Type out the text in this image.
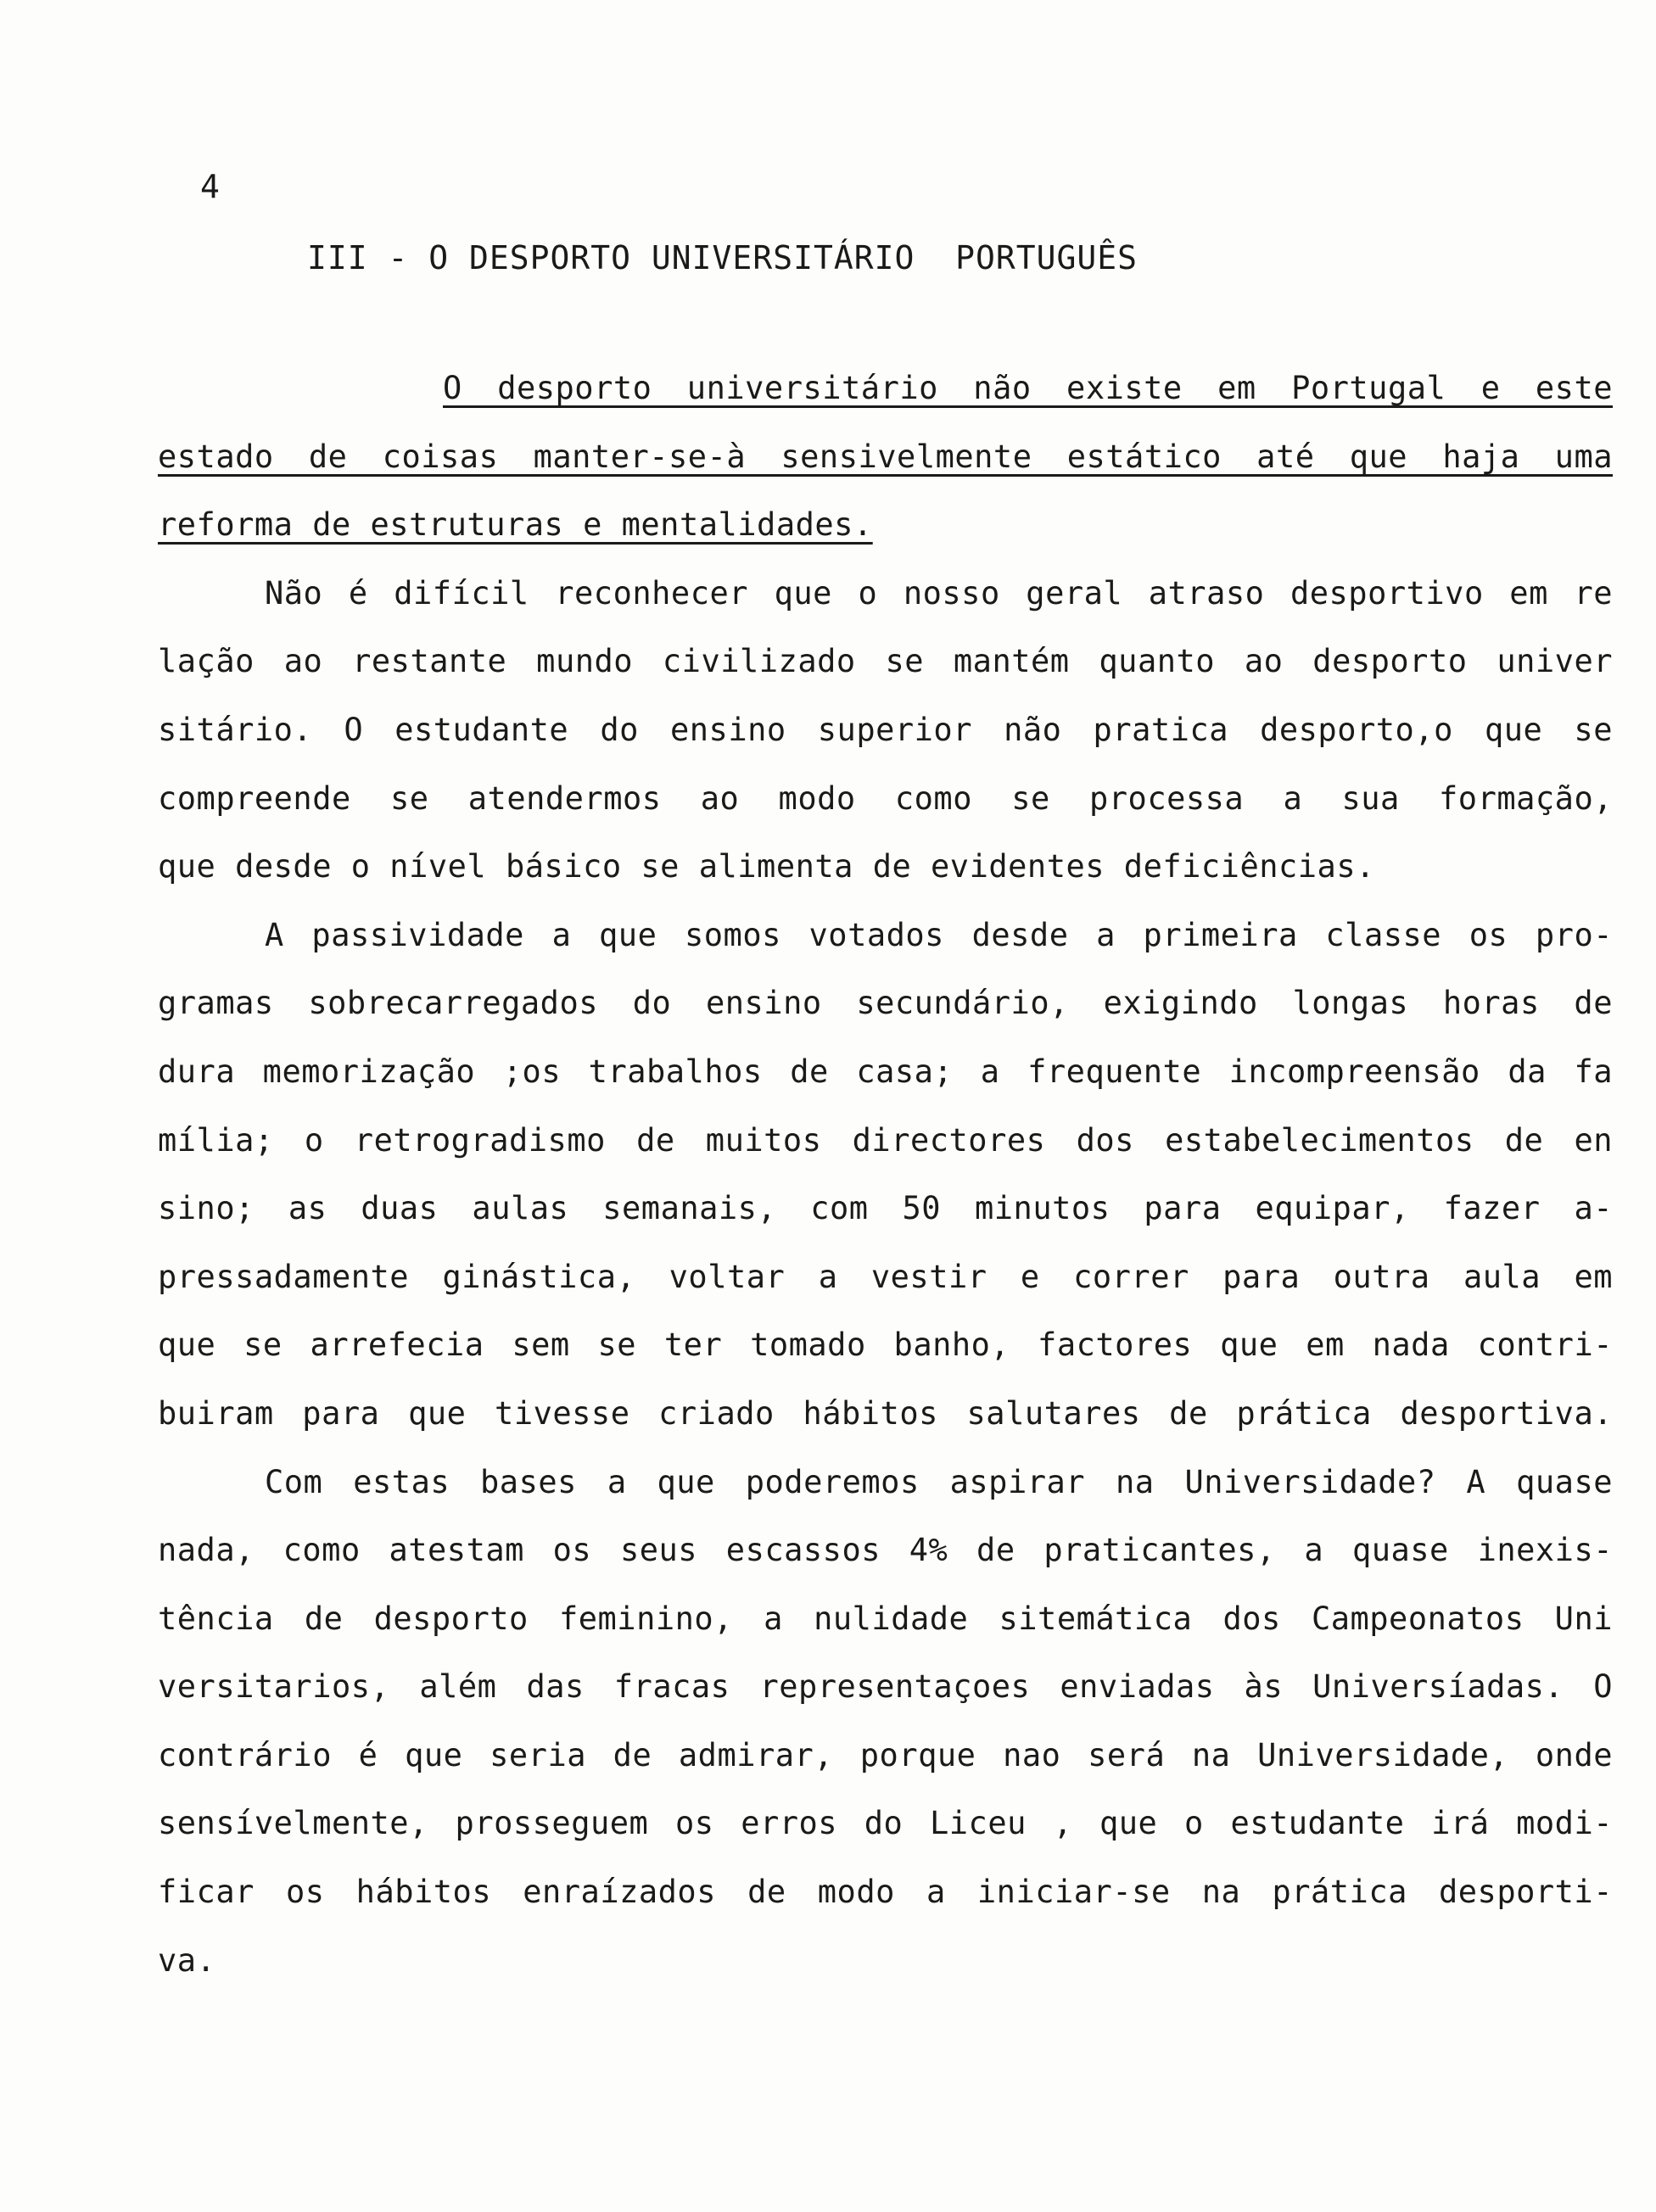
4
III - O DESPORTO UNIVERSITÁRIO  PORTUGUÊS
O desporto universitário não existe em Portugal e este
estado de coisas manter-se-à sensivelmente estático até que haja uma
reforma de estruturas e mentalidades.
Não é difícil reconhecer que o nosso geral atraso desportivo em re
lação ao restante mundo civilizado se mantém quanto ao desporto univer
sitário. O estudante do ensino superior não pratica desporto,o que se
compreende se atendermos ao modo como se processa a sua formação,
que desde o nível básico se alimenta de evidentes deficiências.
A passividade a que somos votados desde a primeira classe os pro-
gramas sobrecarregados do ensino secundário, exigindo longas horas de
dura memorização ;os trabalhos de casa; a frequente incompreensão da fa
mília; o retrogradismo de muitos directores dos estabelecimentos de en
sino; as duas aulas semanais, com 50 minutos para equipar, fazer a-
pressadamente ginástica, voltar a vestir e correr para outra aula em
que se arrefecia sem se ter tomado banho, factores que em nada contri-
buiram para que tivesse criado hábitos salutares de prática desportiva.
Com estas bases a que poderemos aspirar na Universidade? A quase
nada, como atestam os seus escassos 4% de praticantes, a quase inexis-
tência de desporto feminino, a nulidade sitemática dos Campeonatos Uni
versitarios, além das fracas representaçoes enviadas às Universíadas. O
contrário é que seria de admirar, porque nao será na Universidade, onde
sensívelmente, prosseguem os erros do Liceu , que o estudante irá modi-
ficar os hábitos enraízados de modo a iniciar-se na prática desporti-
va.
